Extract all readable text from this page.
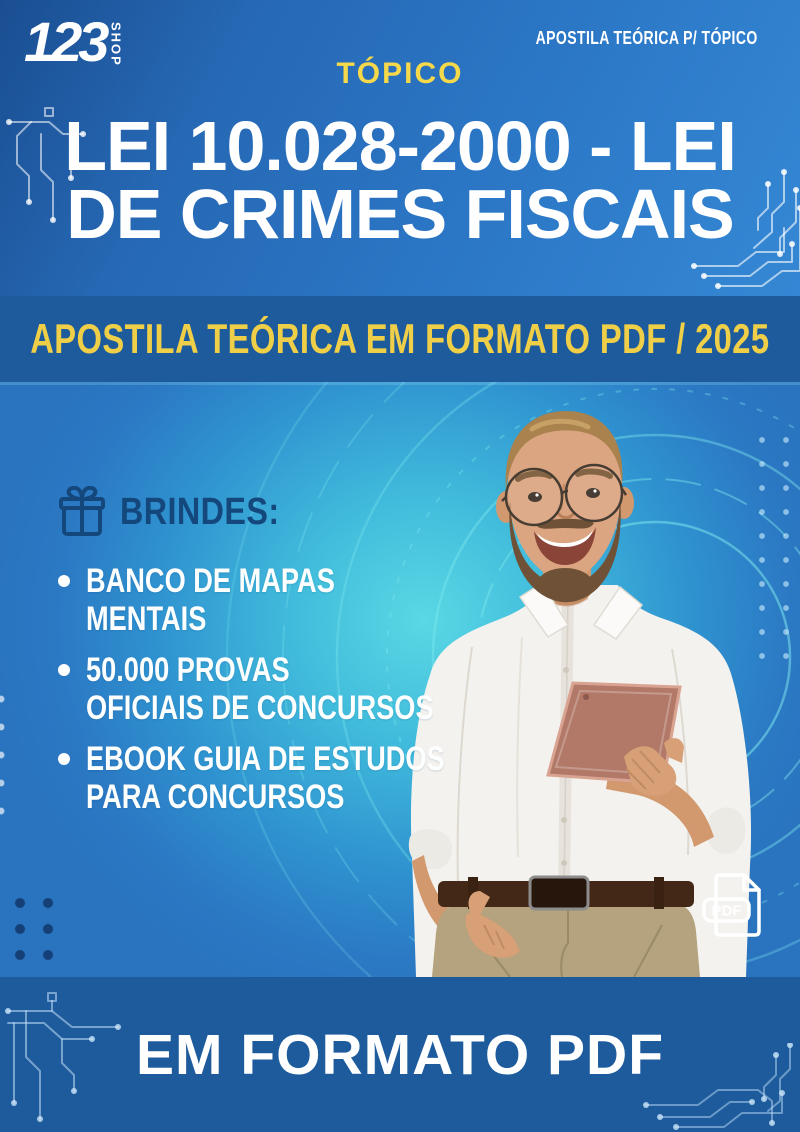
123 SHOP	APOSTILA TEÓRICA P/ TÓPICO
TÓPICO
LEI 10.028-2000 - LEI
DE CRIMES FISCAIS
APOSTILA TEÓRICA EM FORMATO PDF / 2025
BRINDES:
BANCO DE MAPAS
MENTAIS
50.000 PROVAS
OFICIAIS DE CONCURSOS
EBOOK GUIA DE ESTUDOS
PARA CONCURSOS
PDF
EM FORMATO PDF
